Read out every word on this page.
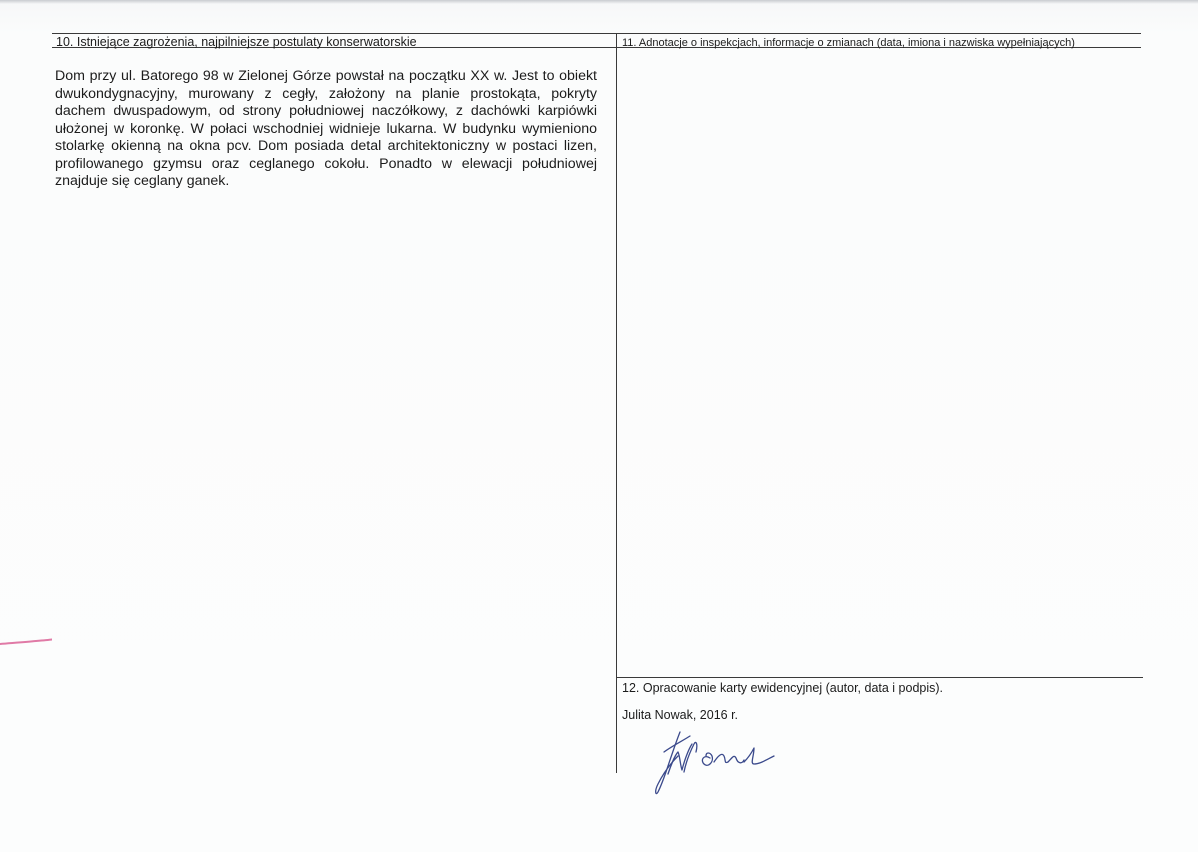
10. Istniejące zagrożenia, najpilniejsze postulaty konserwatorskie
Dom przy ul. Batorego 98 w Zielonej Górze powstał na początku XX w. Jest to obiekt dwukondygnacyjny, murowany z cegły, założony na planie prostokąta, pokryty dachem dwuspadowym, od strony południowej naczółkowy, z dachówki karpiówki ułożonej w koronkę. W połaci wschodniej widnieje lukarna. W budynku wymieniono stolarkę okienną na okna pcv. Dom posiada detal architektoniczny w postaci lizen, profilowanego gzymsu oraz ceglanego cokołu. Ponadto w elewacji południowej znajduje się ceglany ganek.
11. Adnotacje o inspekcjach, informacje o zmianach (data, imiona i nazwiska wypełniających)
12. Opracowanie karty ewidencyjnej (autor, data i podpis).
Julita Nowak, 2016 r.
